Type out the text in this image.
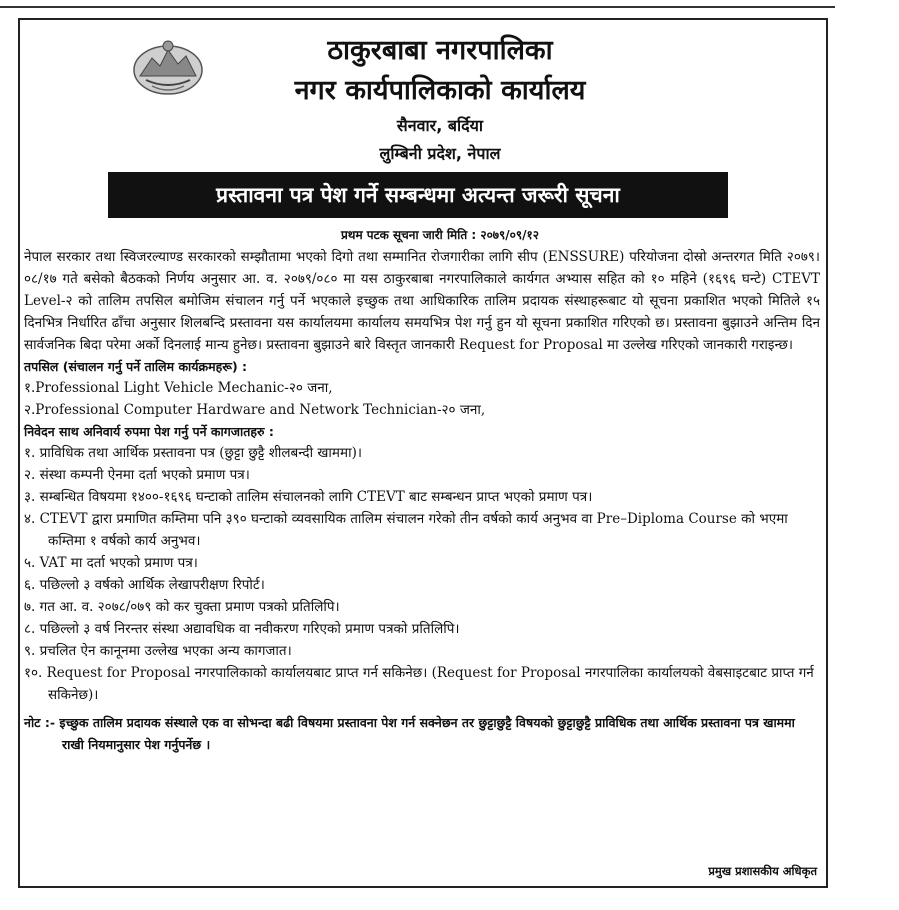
ठाकुरबाबा नगरपालिका
नगर कार्यपालिकाको कार्यालय
सैनवार, बर्दिया
लुम्बिनी प्रदेश, नेपाल
प्रस्तावना पत्र पेश गर्ने सम्बन्धमा अत्यन्त जरूरी सूचना
प्रथम पटक सूचना जारी मिति : २०७९/०९/१२

नेपाल सरकार तथा स्विजरल्याण्ड सरकारको सम्झौतामा भएको दिगो तथा सम्मानित रोजगारीका लागि सीप (ENSSURE) परियोजना दोस्रो अन्तरगत मिति २०७९।०८/१७ गते बसेको बैठकको निर्णय अनुसार आ. व. २०७९/०८० मा यस ठाकुरबाबा नगरपालिकाले कार्यगत अभ्यास सहित को १० महिने (१६९६ घन्टे) CTEVT Level-२ को तालिम तपसिल बमोजिम संचालन गर्नु पर्ने भएकाले इच्छुक तथा आधिकारिक तालिम प्रदायक संस्थाहरूबाट यो सूचना प्रकाशित भएको मितिले १५ दिनभित्र निर्धारित ढाँचा अनुसार शिलबन्दि प्रस्तावना यस कार्यालयमा कार्यालय समयभित्र पेश गर्नु हुन यो सूचना प्रकाशित गरिएको छ। प्रस्तावना बुझाउने अन्तिम दिन सार्वजनिक बिदा परेमा अर्को दिनलाई मान्य हुनेछ। प्रस्तावना बुझाउने बारे विस्तृत जानकारी Request for Proposal मा उल्लेख गरिएको जानकारी गराइन्छ।

तपसिल (संचालन गर्नु पर्ने तालिम कार्यक्रमहरू) :

१.Professional Light Vehicle Mechanic-२० जना,

२.Professional Computer Hardware and Network Technician-२० जना,

निवेदन साथ अनिवार्य रुपमा पेश गर्नु पर्ने कागजातहरु :

१. प्राविधिक तथा आर्थिक प्रस्तावना पत्र (छुट्टा छुट्टै शीलबन्दी खाममा)।

२. संस्था कम्पनी ऐनमा दर्ता भएको प्रमाण पत्र।

३. सम्बन्धित विषयमा १४००-१६९६ घन्टाको तालिम संचालनको लागि CTEVT बाट सम्बन्धन प्राप्त भएको प्रमाण पत्र।

४. CTEVT द्वारा प्रमाणित कम्तिमा पनि ३९० घन्टाको व्यवसायिक तालिम संचालन गरेको तीन वर्षको कार्य अनुभव वा Pre–Diploma Course को भएमा कम्तिमा १ वर्षको कार्य अनुभव।

५. VAT मा दर्ता भएको प्रमाण पत्र।

६. पछिल्लो ३ वर्षको आर्थिक लेखापरीक्षण रिपोर्ट।

७. गत आ. व. २०७८/०७९ को कर चुक्ता प्रमाण पत्रको प्रतिलिपि।

८. पछिल्लो ३ वर्ष निरन्तर संस्था अद्यावधिक वा नवीकरण गरिएको प्रमाण पत्रको प्रतिलिपि।

९. प्रचलित ऐन कानूनमा उल्लेख भएका अन्य कागजात।

१०. Request for Proposal नगरपालिकाको कार्यालयबाट प्राप्त गर्न सकिनेछ। (Request for Proposal नगरपालिका कार्यालयको वेबसाइटबाट प्राप्त गर्न सकिनेछ)।

नोट :- इच्छुक तालिम प्रदायक संस्थाले एक वा सोभन्दा बढी विषयमा प्रस्तावना पेश गर्न सक्नेछन तर छुट्टाछुट्टै विषयको छुट्टाछुट्टै प्राविधिक तथा आर्थिक प्रस्तावना पत्र खाममा राखी नियमानुसार पेश गर्नुपर्नेछ ।

प्रमुख प्रशासकीय अधिकृत
